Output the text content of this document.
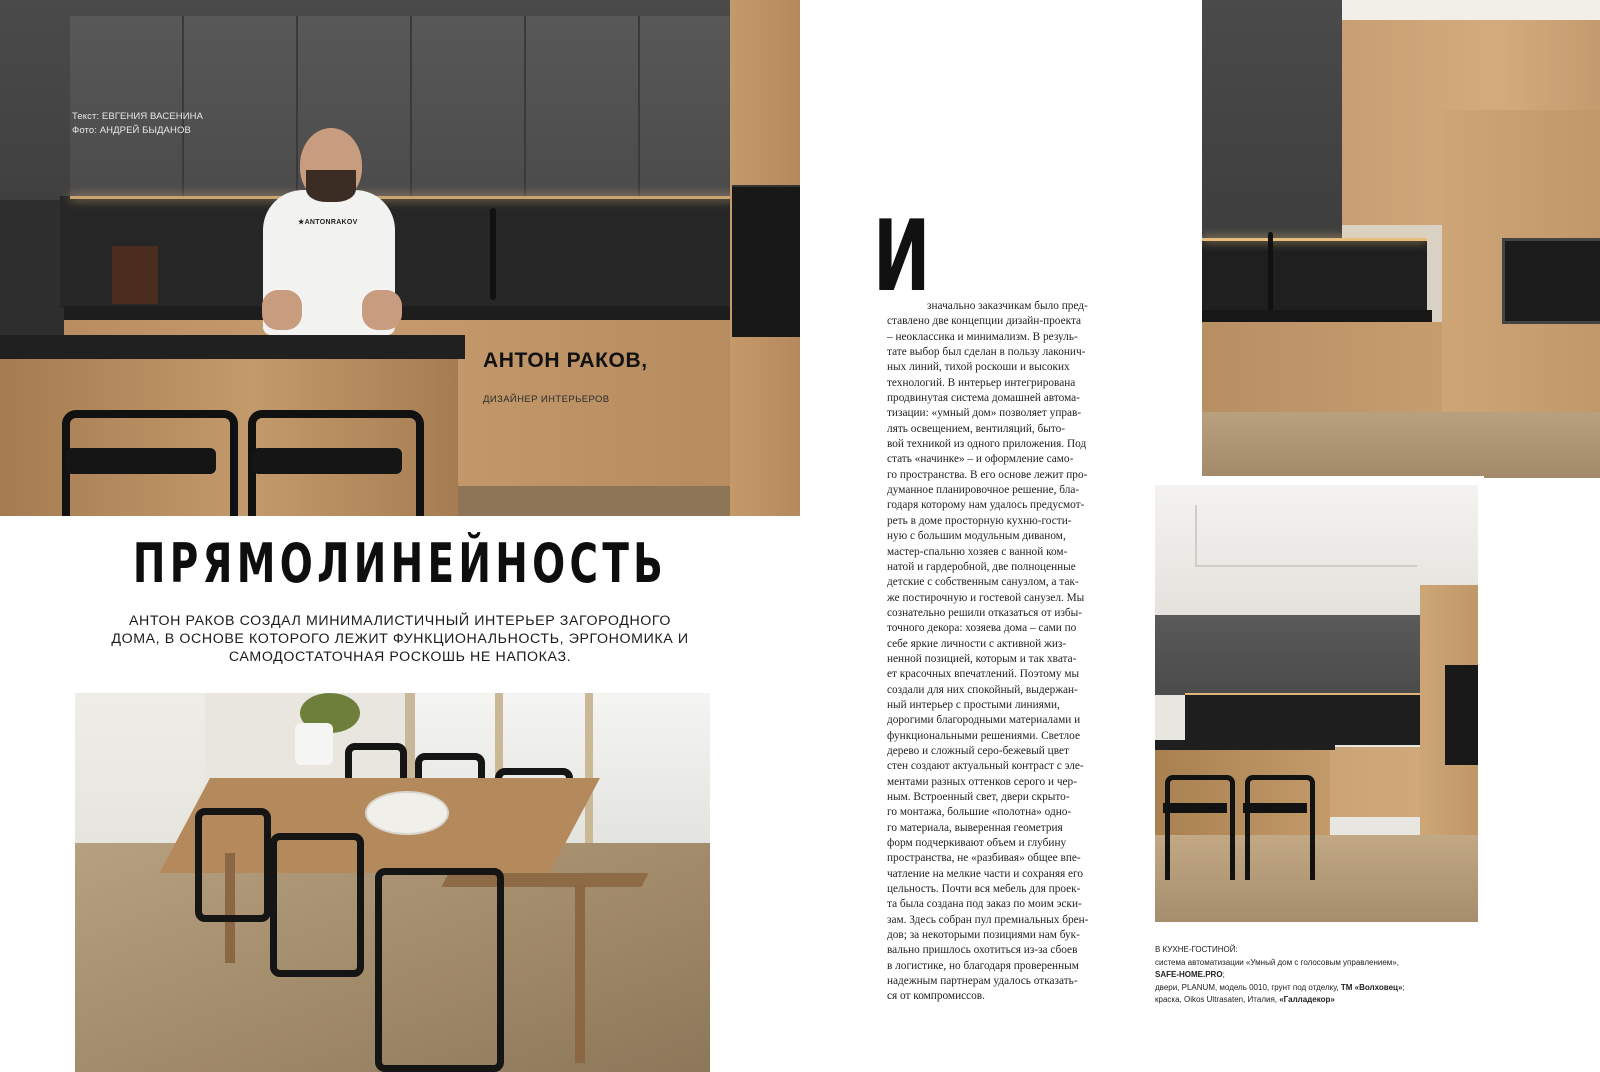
★ANTONRAKOV
Текст: ЕВГЕНИЯ ВАСЕНИНА
Фото: АНДРЕЙ БЫДАНОВ
АНТОН РАКОВ,
ДИЗАЙНЕР ИНТЕРЬЕРОВ
ПРЯМОЛИНЕЙНОСТЬ
АНТОН РАКОВ СОЗДАЛ МИНИМАЛИСТИЧНЫЙ ИНТЕРЬЕР ЗАГОРОДНОГО
ДОМА, В ОСНОВЕ КОТОРОГО ЛЕЖИТ ФУНКЦИОНАЛЬНОСТЬ, ЭРГОНОМИКА И
САМОДОСТАТОЧНАЯ РОСКОШЬ НЕ НАПОКАЗ.
И
значально заказчикам было пред-
ставлено две концепции дизайн-проекта
– неоклассика и минимализм. В резуль-
тате выбор был сделан в пользу лаконич-
ных линий, тихой роскоши и высоких
технологий. В интерьер интегрирована
продвинутая система домашней автома-
тизации: «умный дом» позволяет управ-
лять освещением, вентиляций, быто-
вой техникой из одного приложения. Под
стать «начинке» – и оформление само-
го пространства. В его основе лежит про-
думанное планировочное решение, бла-
годаря которому нам удалось предусмот-
реть в доме просторную кухню-гости-
ную с большим модульным диваном,
мастер-спальню хозяев с ванной ком-
натой и гардеробной, две полноценные
детские с собственным санузлом, а так-
же постирочную и гостевой санузел. Мы
сознательно решили отказаться от избы-
точного декора: хозяева дома – сами по
себе яркие личности с активной жиз-
ненной позицией, которым и так хвата-
ет красочных впечатлений. Поэтому мы
создали для них спокойный, выдержан-
ный интерьер с простыми линиями,
дорогими благородными материалами и
функциональными решениями. Светлое
дерево и сложный серо-бежевый цвет
стен создают актуальный контраст с эле-
ментами разных оттенков серого и чер-
ным. Встроенный свет, двери скрыто-
го монтажа, большие «полотна» одно-
го материала, выверенная геометрия
форм подчеркивают объем и глубину
пространства, не «разбивая» общее впе-
чатление на мелкие части и сохраняя его
цельность. Почти вся мебель для проек-
та была создана под заказ по моим эски-
зам. Здесь собран пул премиальных брен-
дов; за некоторыми позициями нам бук-
вально пришлось охотиться из-за сбоев
в логистике, но благодаря проверенным
надежным партнерам удалось отказать-
ся от компромиссов.
В КУХНЕ-ГОСТИНОЙ:
система автоматизации «Умный дом с голосовым управлением»,
SAFE-HOME.PRO;
двери, PLANUM, модель 0010, грунт под отделку, ТМ «Волховец»;
краска, Oikos Ultrasaten, Италия, «Галладекор»
